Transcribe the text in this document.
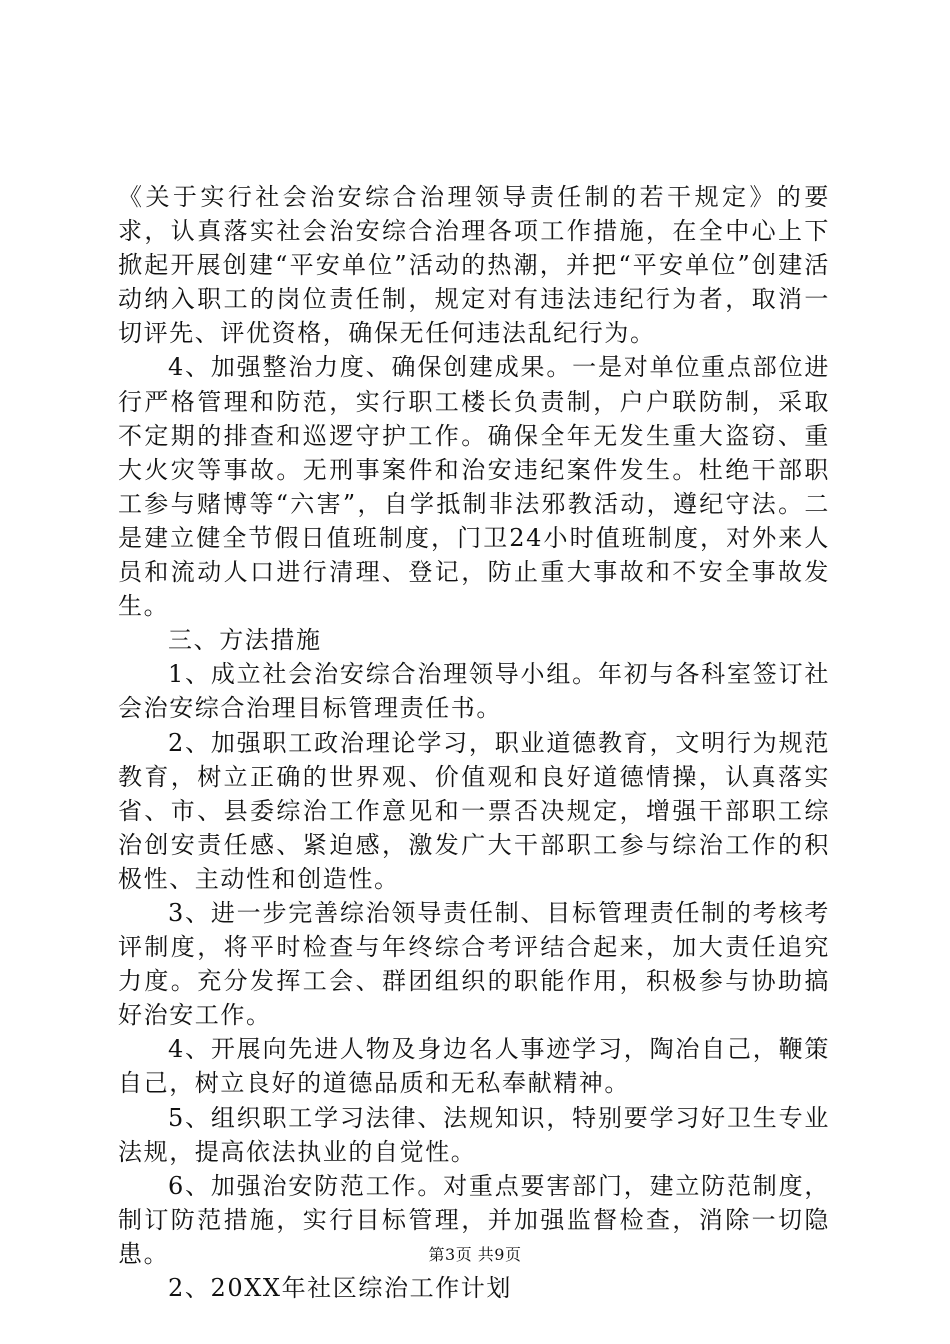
《关于实行社会治安综合治理领导责任制的若干规定》的要求，认真落实社会治安综合治理各项工作措施，在全中心上下掀起开展创建“平安单位”活动的热潮，并把“平安单位”创建活动纳入职工的岗位责任制，规定对有违法违纪行为者，取消一切评先、评优资格，确保无任何违法乱纪行为。

4、加强整治力度、确保创建成果。一是对单位重点部位进行严格管理和防范，实行职工楼长负责制，户户联防制，采取不定期的排查和巡逻守护工作。确保全年无发生重大盗窃、重大火灾等事故。无刑事案件和治安违纪案件发生。杜绝干部职工参与赌博等“六害”，自学抵制非法邪教活动，遵纪守法。二是建立健全节假日值班制度，门卫24小时值班制度，对外来人员和流动人口进行清理、登记，防止重大事故和不安全事故发生。

三、方法措施

1、成立社会治安综合治理领导小组。年初与各科室签订社会治安综合治理目标管理责任书。

2、加强职工政治理论学习，职业道德教育，文明行为规范教育，树立正确的世界观、价值观和良好道德情操，认真落实省、市、县委综治工作意见和一票否决规定，增强干部职工综治创安责任感、紧迫感，激发广大干部职工参与综治工作的积极性、主动性和创造性。

3、进一步完善综治领导责任制、目标管理责任制的考核考评制度，将平时检查与年终综合考评结合起来，加大责任追究力度。充分发挥工会、群团组织的职能作用，积极参与协助搞好治安工作。

4、开展向先进人物及身边名人事迹学习，陶冶自己，鞭策自己，树立良好的道德品质和无私奉献精神。

5、组织职工学习法律、法规知识，特别要学习好卫生专业法规，提高依法执业的自觉性。

6、加强治安防范工作。对重点要害部门，建立防范制度，制订防范措施，实行目标管理，并加强监督检查，消除一切隐患。

2、20XX年社区综治工作计划

第3页 共9页
